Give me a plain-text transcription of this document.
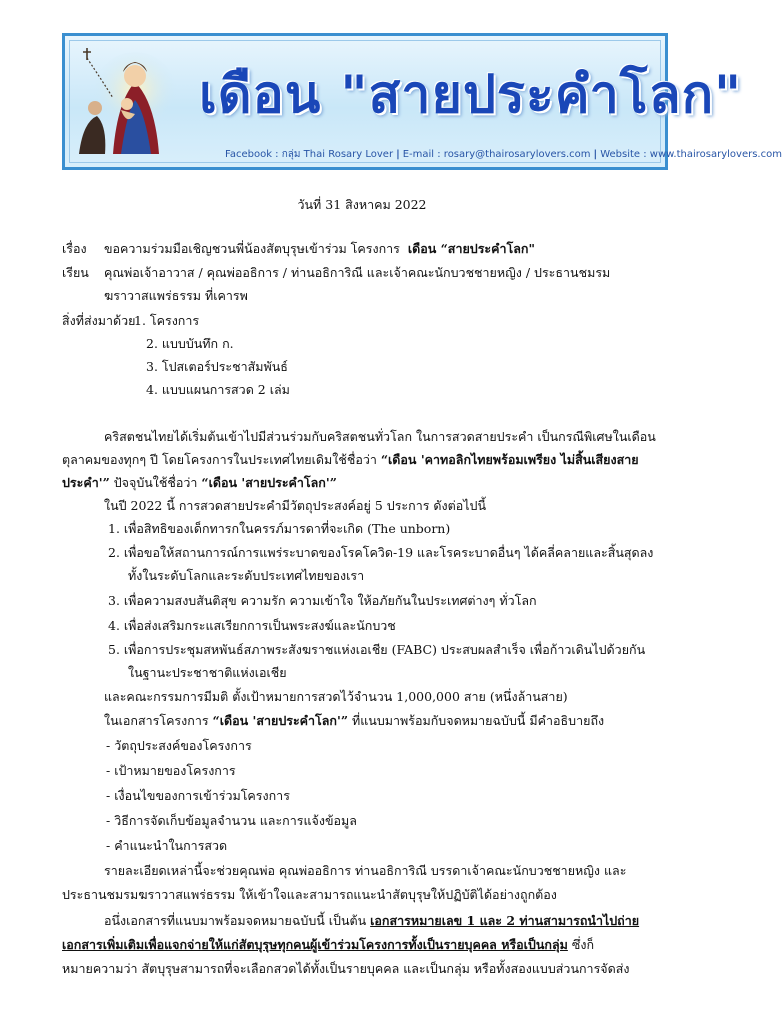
เดือน "สายประคำโลก"
Facebook : กลุ่ม Thai Rosary Lover | E-mail : rosary@thairosarylovers.com | Website : www.thairosarylovers.com
วันที่ 31 สิงหาคม 2022
เรื่อง ขอความร่วมมือเชิญชวนพี่น้องสัตบุรุษเข้าร่วม โครงการ เดือน “สายประคำโลก"
เรียน คุณพ่อเจ้าอาวาส / คุณพ่ออธิการ / ท่านอธิการิณี และเจ้าคณะนักบวชชายหญิง / ประธานชมรม
ฆราวาสแพร่ธรรม ที่เคารพ
สิ่งที่ส่งมาด้วย
1. โครงการ
2. แบบบันทึก ก.
3. โปสเตอร์ประชาสัมพันธ์
4. แบบแผนการสวด 2 เล่ม
คริสตชนไทยได้เริ่มต้นเข้าไปมีส่วนร่วมกับคริสตชนทั่วโลก ในการสวดสายประคำ เป็นกรณีพิเศษในเดือน
ตุลาคมของทุกๆ ปี โดยโครงการในประเทศไทยเดิมใช้ชื่อว่า “เดือน 'คาทอลิกไทยพร้อมเพรียง ไม่สิ้นเสียงสาย
ประคำ'” ปัจจุบันใช้ชื่อว่า “เดือน 'สายประคำโลก'”
ในปี 2022 นี้ การสวดสายประคำมีวัตถุประสงค์อยู่ 5 ประการ ดังต่อไปนี้
1. เพื่อสิทธิของเด็กทารกในครรภ์มารดาที่จะเกิด (The unborn)
2. เพื่อขอให้สถานการณ์การแพร่ระบาดของโรคโควิด-19 และโรคระบาดอื่นๆ ได้คลี่คลายและสิ้นสุดลง
ทั้งในระดับโลกและระดับประเทศไทยของเรา
3. เพื่อความสงบสันติสุข ความรัก ความเข้าใจ ให้อภัยกันในประเทศต่างๆ ทั่วโลก
4. เพื่อส่งเสริมกระแสเรียกการเป็นพระสงฆ์และนักบวช
5. เพื่อการประชุมสหพันธ์สภาพระสังฆราชแห่งเอเชีย (FABC) ประสบผลสำเร็จ เพื่อก้าวเดินไปด้วยกัน
ในฐานะประชาชาติแห่งเอเชีย
และคณะกรรมการมีมติ ตั้งเป้าหมายการสวดไว้จำนวน 1,000,000 สาย (หนึ่งล้านสาย)
ในเอกสารโครงการ “เดือน 'สายประคำโลก'” ที่แนบมาพร้อมกับจดหมายฉบับนี้ มีคำอธิบายถึง
- วัตถุประสงค์ของโครงการ
- เป้าหมายของโครงการ
- เงื่อนไขของการเข้าร่วมโครงการ
- วิธีการจัดเก็บข้อมูลจำนวน และการแจ้งข้อมูล
- คำแนะนำในการสวด
รายละเอียดเหล่านี้จะช่วยคุณพ่อ คุณพ่ออธิการ ท่านอธิการิณี บรรดาเจ้าคณะนักบวชชายหญิง และ
ประธานชมรมฆราวาสแพร่ธรรม ให้เข้าใจและสามารถแนะนำสัตบุรุษให้ปฏิบัติได้อย่างถูกต้อง
อนึ่งเอกสารที่แนบมาพร้อมจดหมายฉบับนี้ เป็นต้น เอกสารหมายเลข 1 และ 2 ท่านสามารถนำไปถ่าย
เอกสารเพิ่มเติมเพื่อแจกจ่ายให้แก่สัตบุรุษทุกคนผู้เข้าร่วมโครงการทั้งเป็นรายบุคคล หรือเป็นกลุ่ม ซึ่งก็
หมายความว่า สัตบุรุษสามารถที่จะเลือกสวดได้ทั้งเป็นรายบุคคล และเป็นกลุ่ม หรือทั้งสองแบบส่วนการจัดส่ง
